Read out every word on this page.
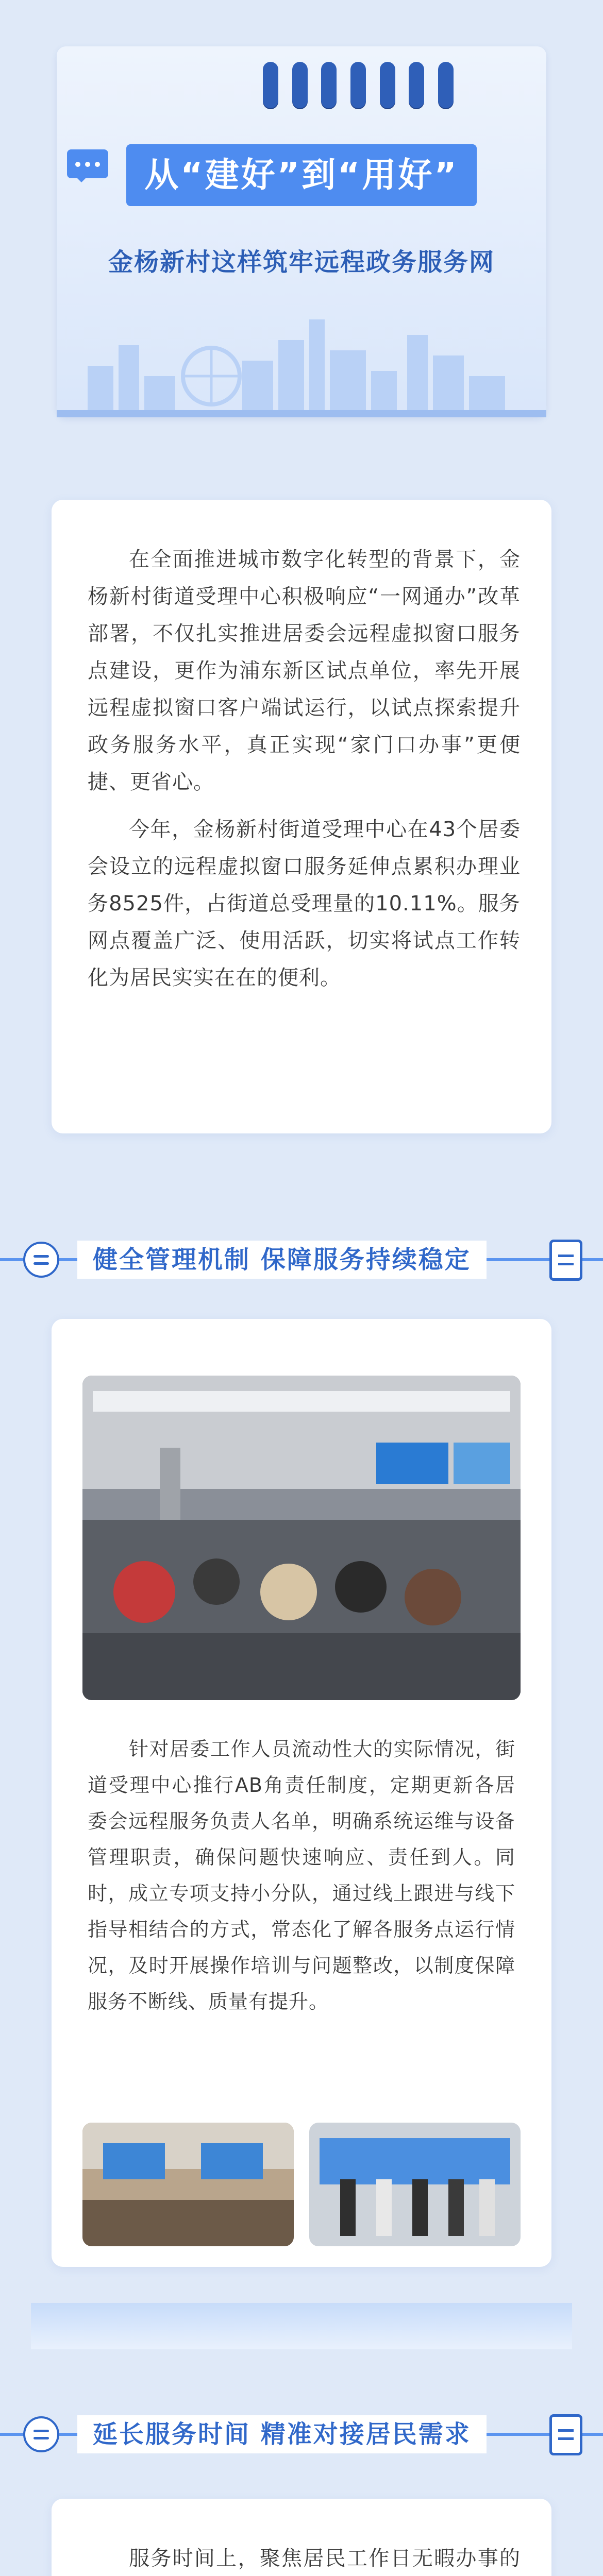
从“建好”到“用好”
金杨新村这样筑牢远程政务服务网

在全面推进城市数字化转型的背景下，金杨新村街道受理中心积极响应“一网通办”改革部署，不仅扎实推进居委会远程虚拟窗口服务点建设，更作为浦东新区试点单位，率先开展远程虚拟窗口客户端试运行，以试点探索提升政务服务水平，真正实现“家门口办事”更便捷、更省心。

今年，金杨新村街道受理中心在43个居委会设立的远程虚拟窗口服务延伸点累积办理业务8525件，占街道总受理量的10.11%。服务网点覆盖广泛、使用活跃，切实将试点工作转化为居民实实在在的便利。

健全管理机制 保障服务持续稳定

针对居委工作人员流动性大的实际情况，街道受理中心推行AB角责任制度，定期更新各居委会远程服务负责人名单，明确系统运维与设备管理职责，确保问题快速响应、责任到人。同时，成立专项支持小分队，通过线上跟进与线下指导相结合的方式，常态化了解各服务点运行情况，及时开展操作培训与问题整改，以制度保障服务不断线、质量有提升。

延长服务时间 精准对接居民需求

服务时间上，聚焦居民工作日无暇办事的
